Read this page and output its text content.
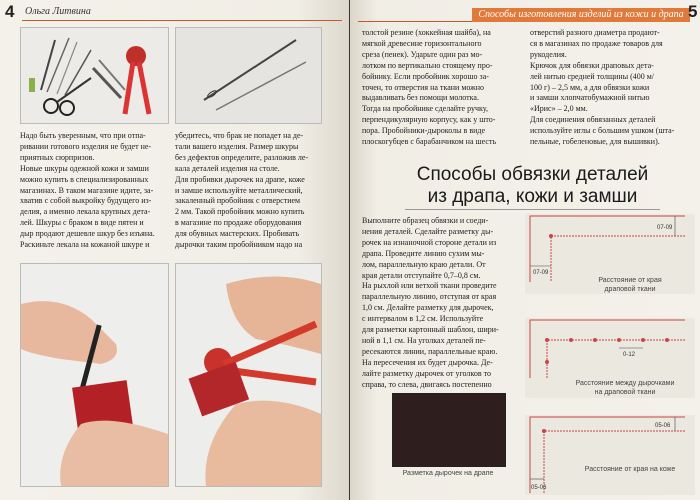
4 Ольга Литвина

Надо быть уверенным, что при отпа-
ривании готового изделия не будет не-
приятных сюрпризов.
Новые шкуры одежной кожи и замши
можно купить в специализированных
магазинах. В таком магазине идите, за-
хватив с собой выкройку будущего из-
делия, а именно лекала крупных дета-
лей. Шкуры с браком в виде пятен и
дыр продают дешевле шкур без изъяна.
Раскиньте лекала на кожаной шкуре и

убедитесь, что брак не попадет на де-
тали вашего изделия. Размер шкуры
без дефектов определите, разложив ле-
кала деталей изделия на столе.
Для пробивки дырочек на драпе, коже
и замше используйте металлический,
закаленный пробойник с отверстием
2 мм. Такой пробойник можно купить
в магазине по продаже оборудования
для обувных мастерских. Пробивать
дырочки таким пробойником надо на

Способы изготовления изделий из кожи и драпа 5

толстой резине (хоккейная шайба), на
мягкой древесине горизонтального
среза (пенек). Ударьте один раз мо-
лотком по вертикально стоящему про-
бойнику. Если пробойник хорошо за-
точен, то отверстия на ткани можно
выдавливать без помощи молотка.
Тогда на пробойнике сделайте ручку,
перпендикулярную корпусу, как у што-
пора. Пробойники-дыроколы в виде
плоскогубцев с барабанчиком на шесть

отверстий разного диаметра продают-
ся в магазинах по продаже товаров для
рукоделия.
Крючок для обвязки драповых дета-
лей нитью средней толщины (400 м/
100 г) – 2,5 мм, а для обвязки кожи
и замши хлопчатобумажной нитью
«Ирис» – 2,0 мм.
Для соединения обвязанных деталей
используйте иглы с большим ушком (шта-
пельные, гобеленовые, для вышивки).

Способы обвязки деталей
из драпа, кожи и замши

Выполните образец обвязки и соеди-
нения деталей. Сделайте разметку ды-
рочек на изнаночной стороне детали из
драпа. Проведите линию сухим мы-
лом, параллельную краю детали. От
края детали отступайте 0,7–0,8 см.
На рыхлой или ветхой ткани проведите
параллельную линию, отступая от края
1,0 см. Делайте разметку для дырочек,
с интервалом в 1,2 см. Используйте
для разметки картонный шаблон, шири-
ной в 1,1 см. На уголках деталей пе-
ресекаются линии, параллельные краю.
На пересечения их будет дырочка. Де-
лайте разметку дырочек от уголков то
справа, то слева, двигаясь постепенно

Разметка дырочек на драпе
07-09
07-09
Расстояние от края
драповой ткани
0-12
Расстояние между дырочками
на драповой ткани
05-06
05-06
Расстояние от края на коже
